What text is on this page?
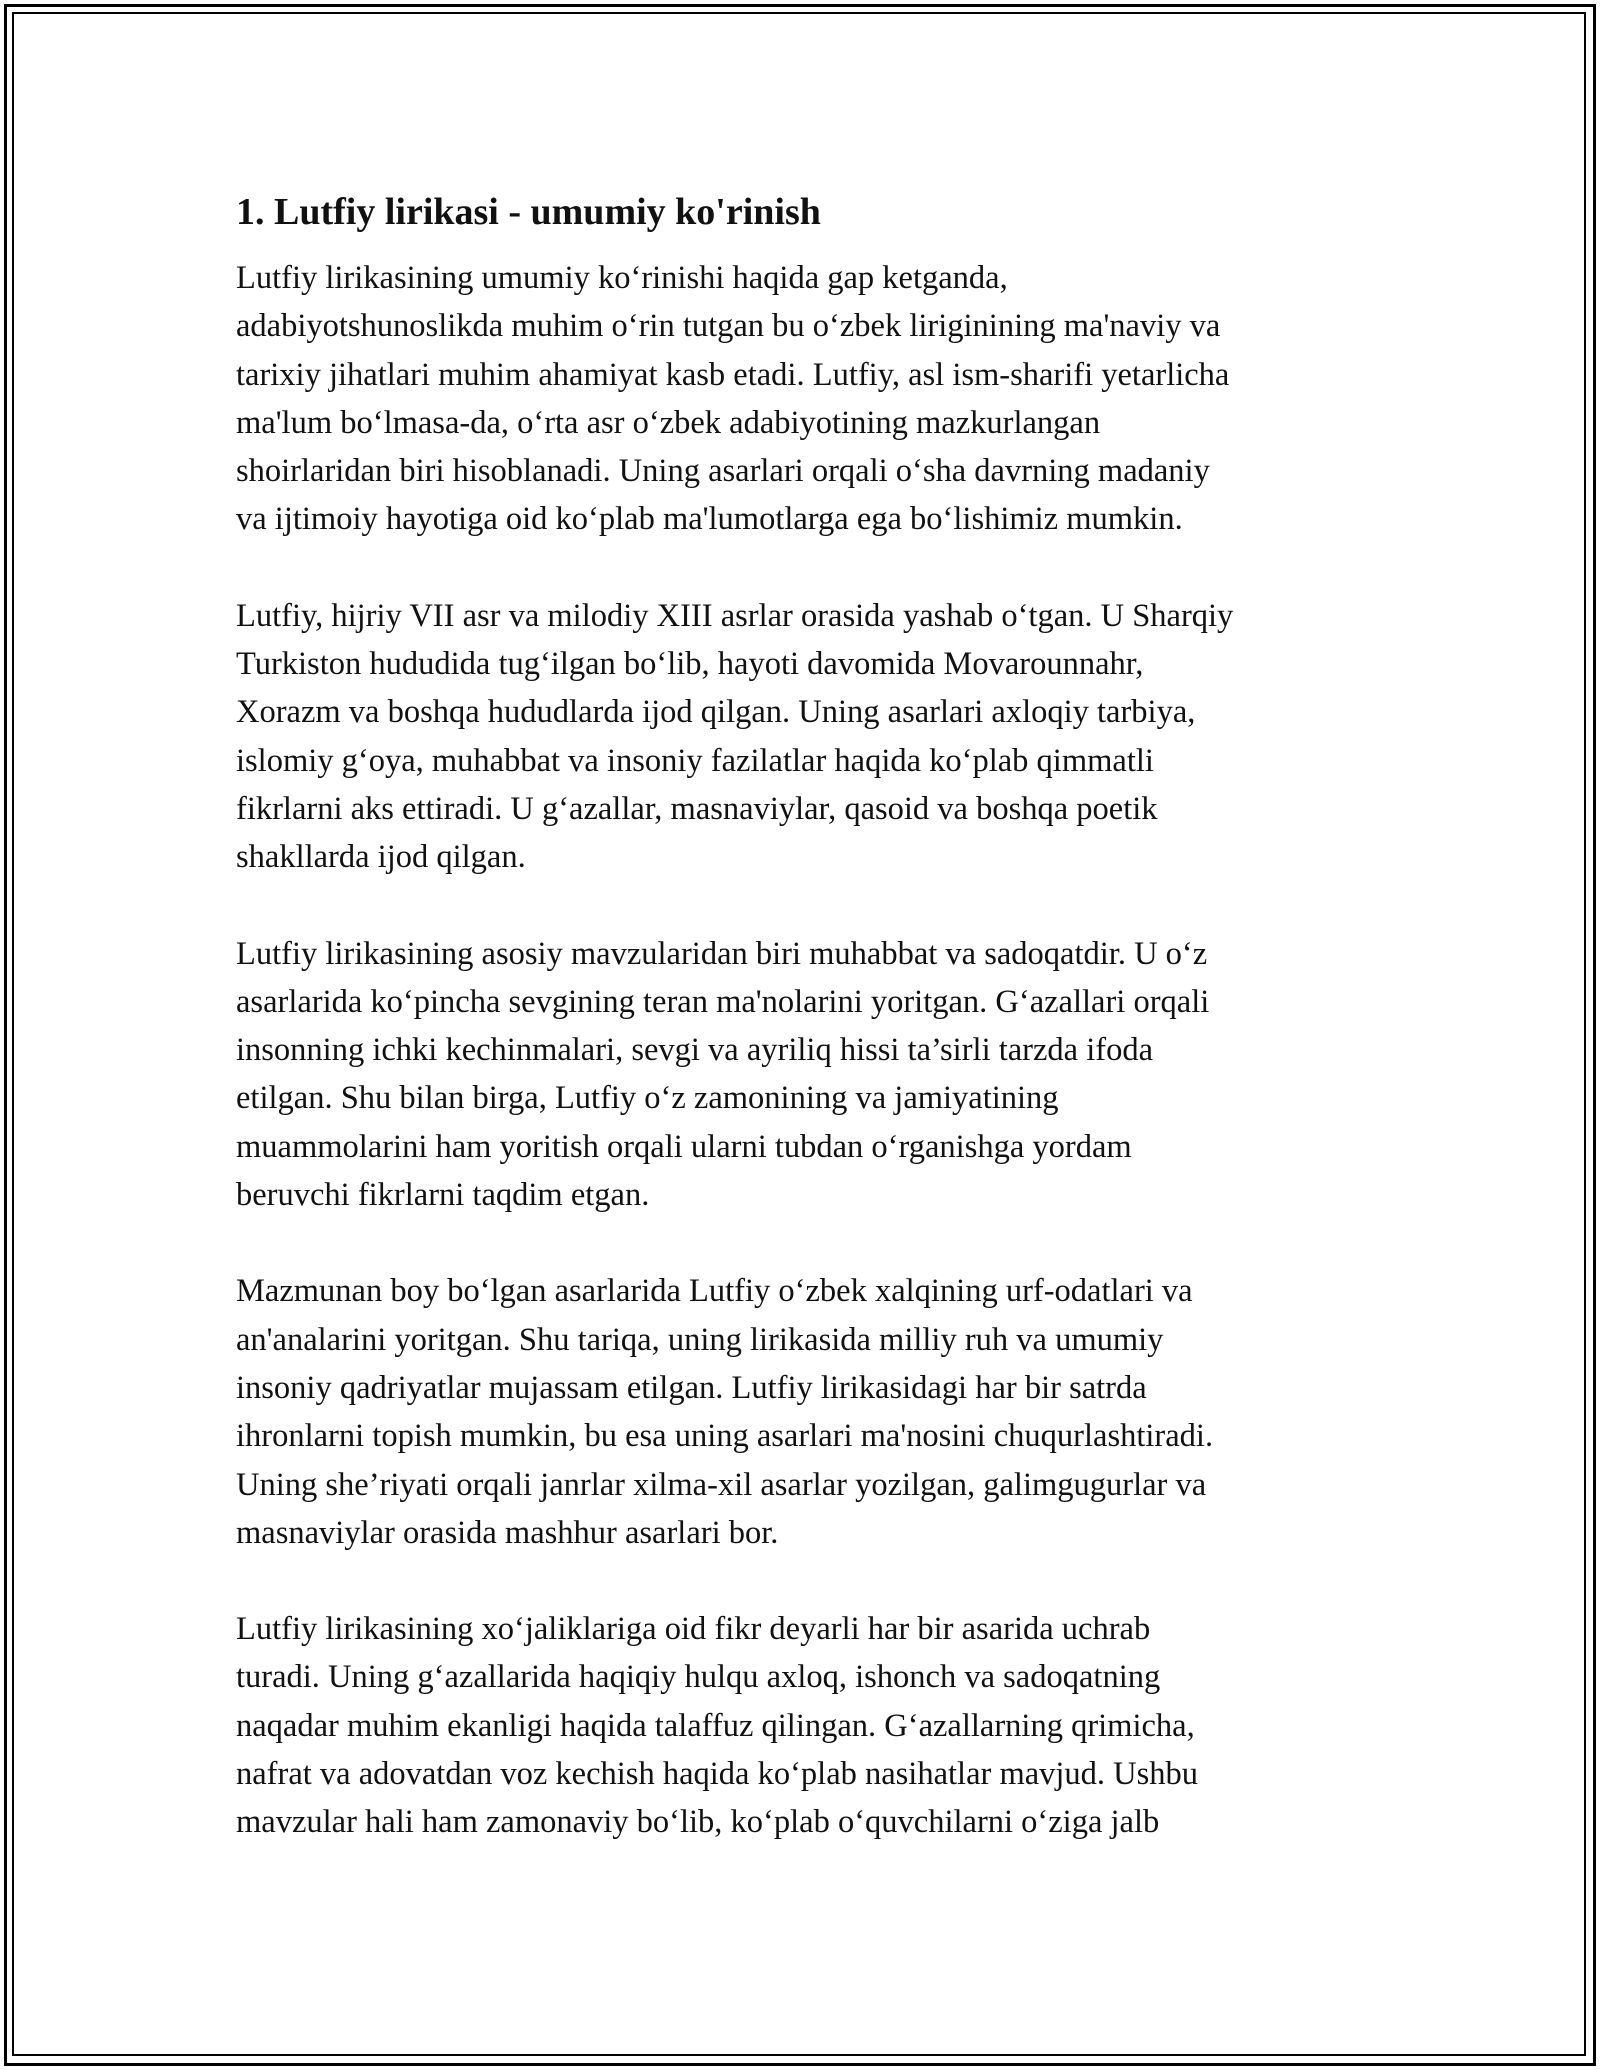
1. Lutfiy lirikasi - umumiy ko'rinish

Lutfiy lirikasining umumiy ko‘rinishi haqida gap ketganda,
adabiyotshunoslikda muhim o‘rin tutgan bu o‘zbek liriginining ma'naviy va
tarixiy jihatlari muhim ahamiyat kasb etadi. Lutfiy, asl ism-sharifi yetarlicha
ma'lum bo‘lmasa-da, o‘rta asr o‘zbek adabiyotining mazkurlangan
shoirlaridan biri hisoblanadi. Uning asarlari orqali o‘sha davrning madaniy
va ijtimoiy hayotiga oid ko‘plab ma'lumotlarga ega bo‘lishimiz mumkin.

Lutfiy, hijriy VII asr va milodiy XIII asrlar orasida yashab o‘tgan. U Sharqiy
Turkiston hududida tug‘ilgan bo‘lib, hayoti davomida Movarounnahr,
Xorazm va boshqa hududlarda ijod qilgan. Uning asarlari axloqiy tarbiya,
islomiy g‘oya, muhabbat va insoniy fazilatlar haqida ko‘plab qimmatli
fikrlarni aks ettiradi. U g‘azallar, masnaviylar, qasoid va boshqa poetik
shakllarda ijod qilgan.

Lutfiy lirikasining asosiy mavzularidan biri muhabbat va sadoqatdir. U o‘z
asarlarida ko‘pincha sevgining teran ma'nolarini yoritgan. G‘azallari orqali
insonning ichki kechinmalari, sevgi va ayriliq hissi ta’sirli tarzda ifoda
etilgan. Shu bilan birga, Lutfiy o‘z zamonining va jamiyatining
muammolarini ham yoritish orqali ularni tubdan o‘rganishga yordam
beruvchi fikrlarni taqdim etgan.

Mazmunan boy bo‘lgan asarlarida Lutfiy o‘zbek xalqining urf-odatlari va
an'analarini yoritgan. Shu tariqa, uning lirikasida milliy ruh va umumiy
insoniy qadriyatlar mujassam etilgan. Lutfiy lirikasidagi har bir satrda
ihronlarni topish mumkin, bu esa uning asarlari ma'nosini chuqurlashtiradi.
Uning she’riyati orqali janrlar xilma-xil asarlar yozilgan, galimgugurlar va
masnaviylar orasida mashhur asarlari bor.

Lutfiy lirikasining xo‘jaliklariga oid fikr deyarli har bir asarida uchrab
turadi. Uning g‘azallarida haqiqiy hulqu axloq, ishonch va sadoqatning
naqadar muhim ekanligi haqida talaffuz qilingan. G‘azallarning qrimicha,
nafrat va adovatdan voz kechish haqida ko‘plab nasihatlar mavjud. Ushbu
mavzular hali ham zamonaviy bo‘lib, ko‘plab o‘quvchilarni o‘ziga jalb
